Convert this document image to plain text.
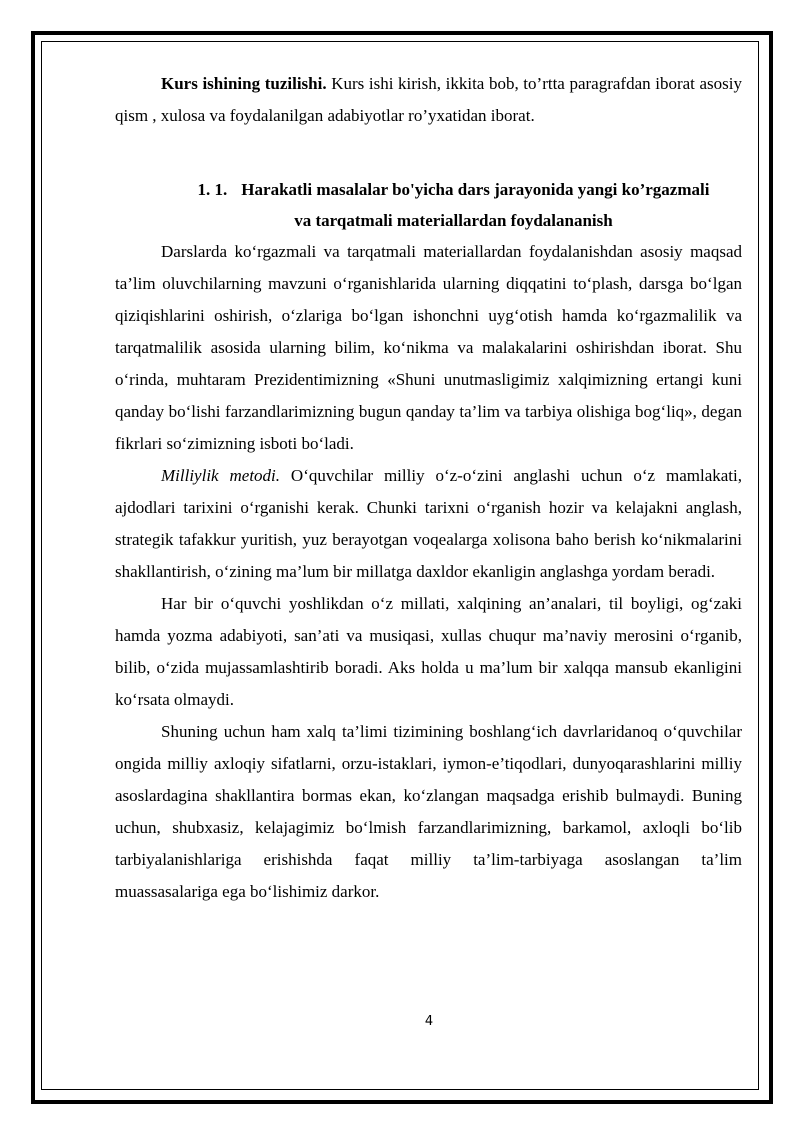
Kurs ishining tuzilishi. Kurs ishi kirish, ikkita bob, to’rtta paragrafdan iborat asosiy qism , xulosa va foydalanilgan adabiyotlar ro’yxatidan iborat.

1. 1. Harakatli masalalar bo'yicha dars jarayonida yangi ko’rgazmali
va tarqatmali materiallardan foydalananish

Darslarda ko‘rgazmali va tarqatmali materiallardan foydalanishdan asosiy maqsad ta’lim oluvchilarning mavzuni o‘rganishlarida ularning diqqatini to‘plash, darsga bo‘lgan qiziqishlarini oshirish, o‘zlariga bo‘lgan ishonchni uyg‘otish hamda ko‘rgazmalilik va tarqatmalilik asosida ularning bilim, ko‘nikma va malakalarini oshirishdan iborat. Shu o‘rinda, muhtaram Prezidentimizning «Shuni unutmasligimiz xalqimizning ertangi kuni qanday bo‘lishi farzandlarimizning bugun qanday ta’lim va tarbiya olishiga bog‘liq», degan fikrlari so‘zimizning isboti bo‘ladi.

Milliylik metodi. O‘quvchilar milliy o‘z-o‘zini anglashi uchun o‘z mamlakati, ajdodlari tarixini o‘rganishi kerak. Chunki tarixni o‘rganish hozir va kelajakni anglash, strategik tafakkur yuritish, yuz berayotgan voqealarga xolisona baho berish ko‘nikmalarini shakllantirish, o‘zining ma’lum bir millatga daxldor ekanligin anglashga yordam beradi.

Har bir o‘quvchi yoshlikdan o‘z millati, xalqining an’analari, til boyligi, og‘zaki hamda yozma adabiyoti, san’ati va musiqasi, xullas chuqur ma’naviy merosini o‘rganib, bilib, o‘zida mujassamlashtirib boradi. Aks holda u ma’lum bir xalqqa mansub ekanligini ko‘rsata olmaydi.

Shuning uchun ham xalq ta’limi tizimining boshlang‘ich davrlaridanoq o‘quvchilar ongida milliy axloqiy sifatlarni, orzu-istaklari, iymon-e’tiqodlari, dunyoqarashlarini milliy asoslardagina shakllantira bormas ekan, ko‘zlangan maqsadga erishib bulmaydi. Buning uchun, shubxasiz, kelajagimiz bo‘lmish farzandlarimizning, barkamol, axloqli bo‘lib tarbiyalanishlariga erishishda faqat milliy ta’lim-tarbiyaga asoslangan ta’lim muassasalariga ega bo‘lishimiz darkor.

4
